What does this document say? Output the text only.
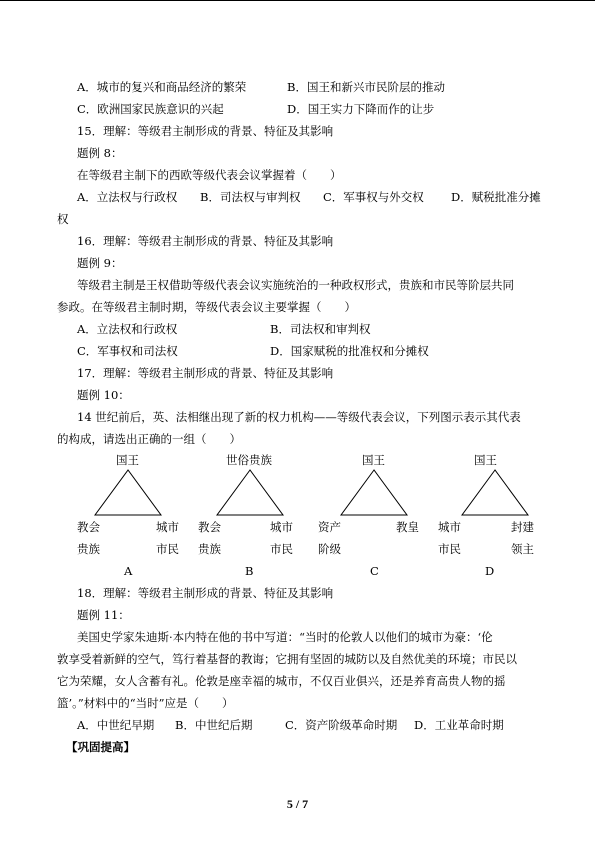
A．城市的复兴和商品经济的繁荣	B．国王和新兴市民阶层的推动
C．欧洲国家民族意识的兴起	D．国王实力下降而作的让步
15．理解：等级君主制形成的背景、特征及其影响
题例 8：
在等级君主制下的西欧等级代表会议掌握着（　　）
A．立法权与行政权 B．司法权与审判权 C．军事权与外交权 D．赋税批准分摊
权
16．理解：等级君主制形成的背景、特征及其影响
题例 9：
等级君主制是王权借助等级代表会议实施统治的一种政权形式，贵族和市民等阶层共同
参政。在等级君主制时期，等级代表会议主要掌握（　　）
A．立法权和行政权	B．司法权和审判权
C．军事权和司法权	D．国家赋税的批准权和分摊权
17．理解：等级君主制形成的背景、特征及其影响
题例 10：
14 世纪前后，英、法相继出现了新的权力机构——等级代表会议，下列图示表示其代表
的构成，请选出正确的一组（　　）
国王
教会
贵族
城市
市民
A
世俗贵族
教会
贵族
城市
市民
B
国王
资产
阶级
教皇
C
国王
城市
市民
封建
领主
D
18．理解：等级君主制形成的背景、特征及其影响
题例 11：
美国史学家朱迪斯·本内特在他的书中写道：“当时的伦敦人以他们的城市为豪：‘伦
敦享受着新鲜的空气，笃行着基督的教诲；它拥有坚固的城防以及自然优美的环境；市民以
它为荣耀，女人含蓄有礼。伦敦是座幸福的城市，不仅百业俱兴，还是养育高贵人物的摇
篮’。”材料中的“当时”应是（　　）
A．中世纪早期 B．中世纪后期	C．资产阶级革命时期 D．工业革命时期
【巩固提高】
5 / 7
